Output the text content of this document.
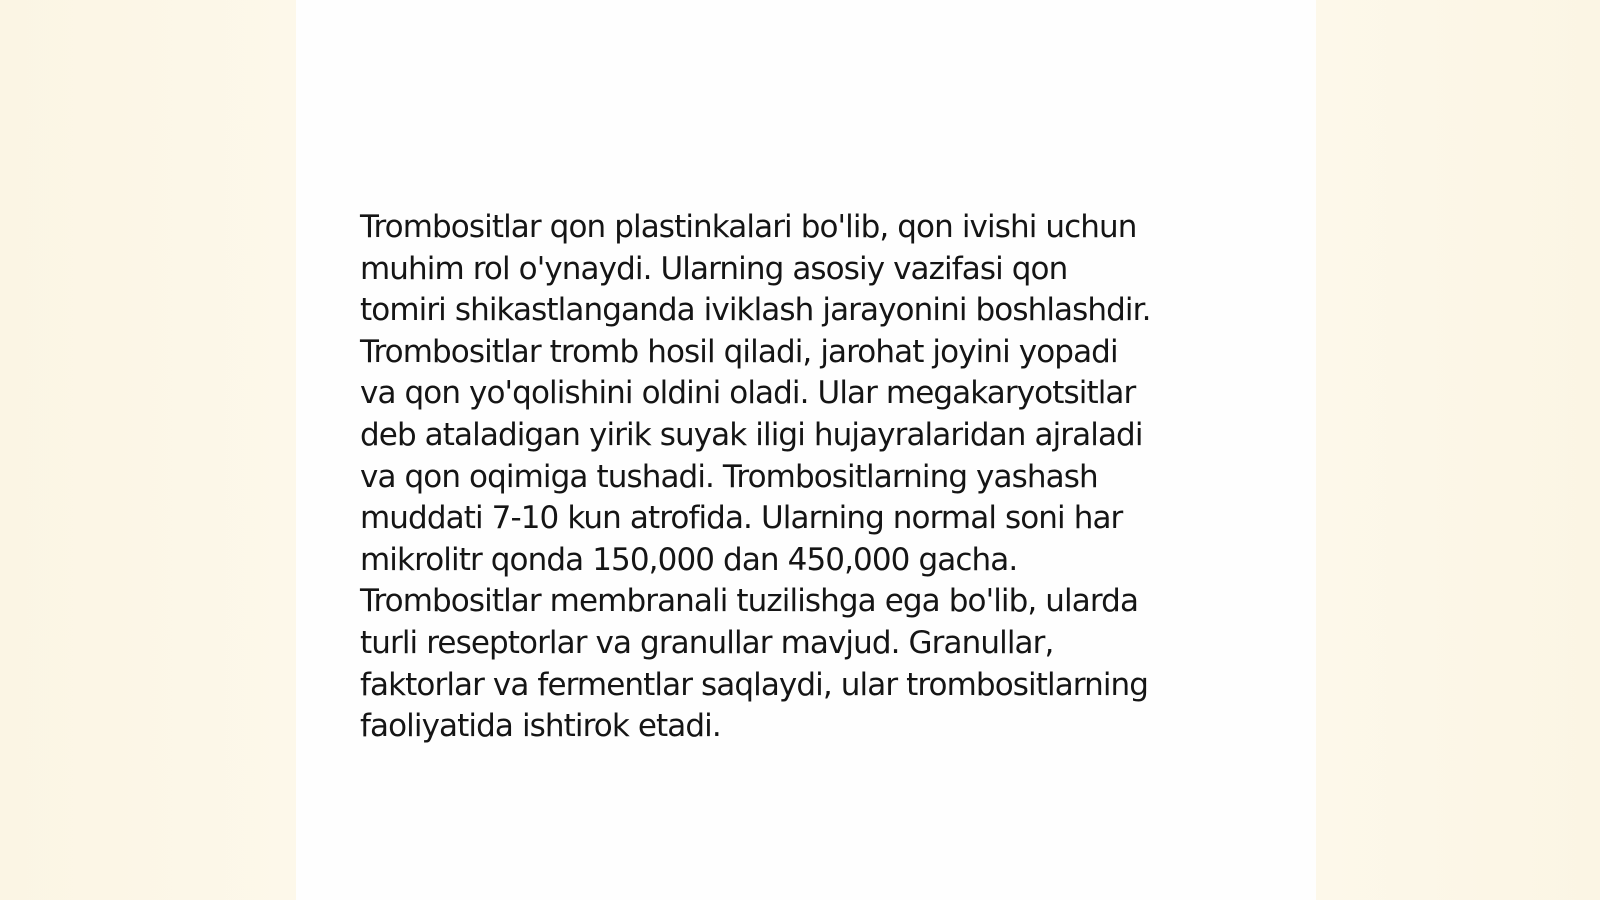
Trombositlar qon plastinkalari bo'lib, qon ivishi uchun
muhim rol o'ynaydi. Ularning asosiy vazifasi qon
tomiri shikastlanganda iviklash jarayonini boshlashdir.
Trombositlar tromb hosil qiladi, jarohat joyini yopadi
va qon yo'qolishini oldini oladi. Ular megakaryotsitlar
deb ataladigan yirik suyak iligi hujayralaridan ajraladi
va qon oqimiga tushadi. Trombositlarning yashash
muddati 7-10 kun atrofida. Ularning normal soni har
mikrolitr qonda 150,000 dan 450,000 gacha.
Trombositlar membranali tuzilishga ega bo'lib, ularda
turli reseptorlar va granullar mavjud. Granullar,
faktorlar va fermentlar saqlaydi, ular trombositlarning
faoliyatida ishtirok etadi.
